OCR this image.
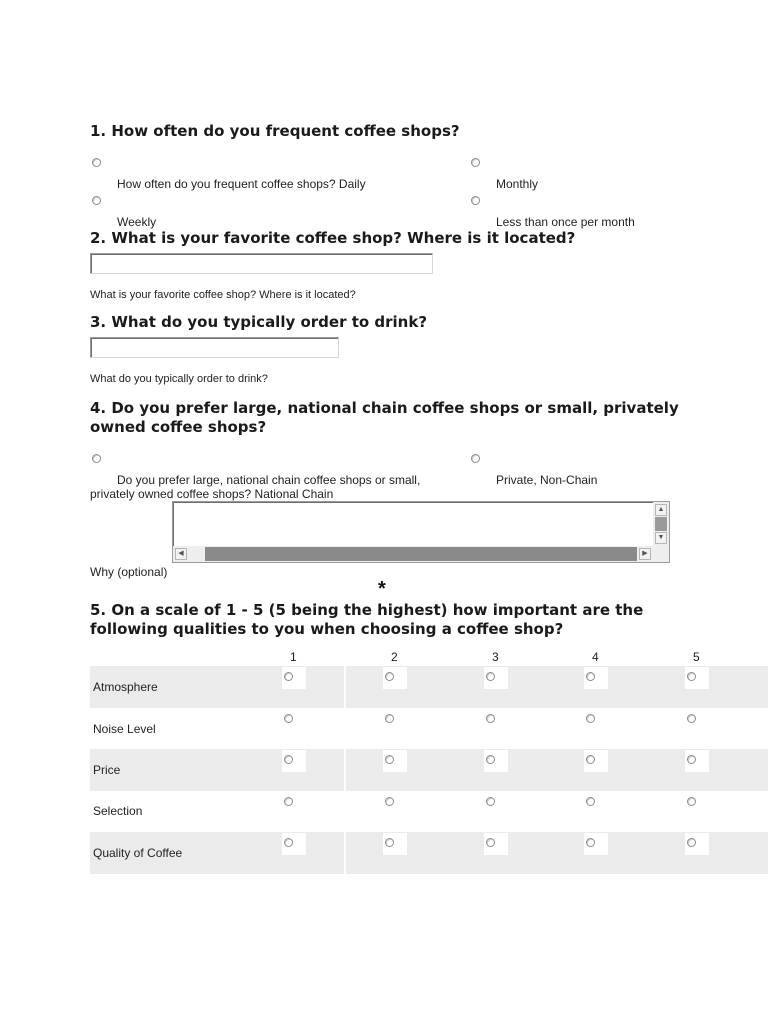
1. How often do you frequent coffee shops?
How often do you frequent coffee shops? Daily	Monthly
Weekly	Less than once per month
2. What is your favorite coffee shop? Where is it located?
What is your favorite coffee shop? Where is it located?
3. What do you typically order to drink?
What do you typically order to drink?
4. Do you prefer large, national chain coffee shops or small, privately
owned coffee shops?
Do you prefer large, national chain coffee shops or small,
privately owned coffee shops? National Chain
Private, Non-Chain
▲
▼
◀	▶
Why (optional)
*
5. On a scale of 1 - 5 (5 being the highest) how important are the
following qualities to you when choosing a coffee shop?
1	2	3	4	5
Atmosphere
Noise Level
Price
Selection
Quality of Coffee
